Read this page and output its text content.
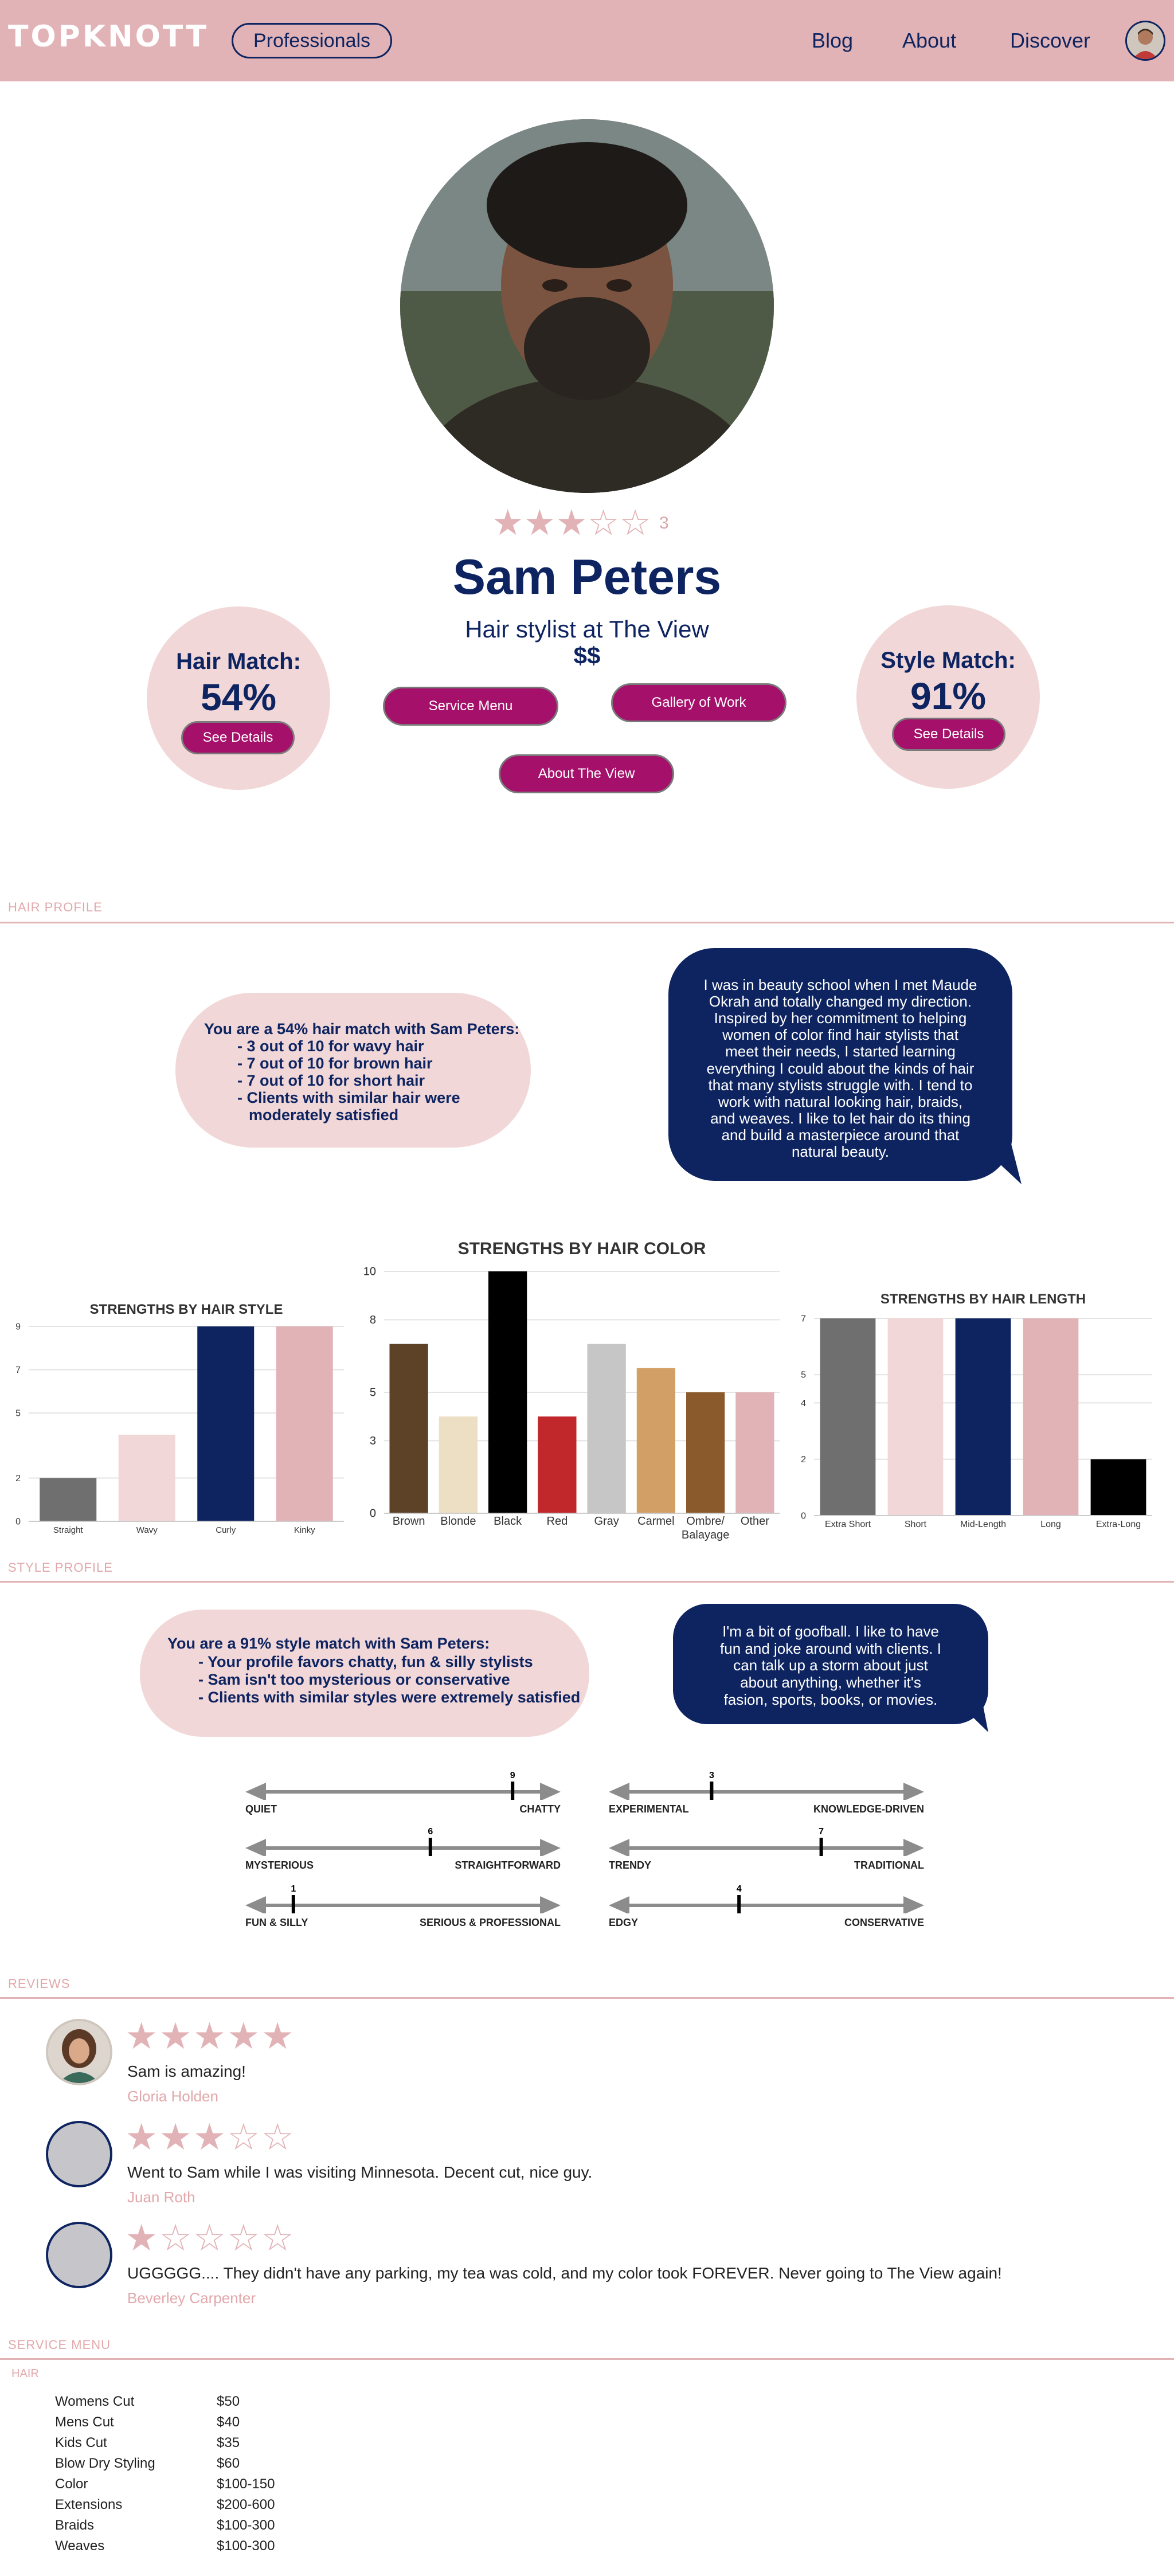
TOPKNOTT	Professionals	Blog About	Discover
★ ★ ★ ☆ ☆ 3
Sam Peters
Hair stylist at The View
$$
Hair Match:
54%
See Details
Style Match:
91%
See Details
Service Menu	Gallery of Work
About The View
HAIR PROFILE
You are a 54% hair match with Sam Peters:
- 3 out of 10 for wavy hair
- 7 out of 10 for brown hair
- 7 out of 10 for short hair
- Clients with similar hair were
moderately satisfied
I was in beauty school when I met Maude
Okrah and totally changed my direction.
Inspired by her commitment to helping
women of color find hair stylists that
meet their needs, I started learning
everything I could about the kinds of hair
that many stylists struggle with. I tend to
work with natural looking hair, braids,
and weaves. I like to let hair do its thing
and build a masterpiece around that
natural beauty.
STRENGTHS BY HAIR STYLE
0
2
5
7
9
Straight	Wavy	Curly	Kinky
STRENGTHS BY HAIR COLOR
0
3
5
8
10
Brown Blonde Black Red Gray Carmel Ombre/
Balayage
Other
STRENGTHS BY HAIR LENGTH
0
2
4
5
7
Extra Short	Short	Mid-Length	Long	Extra-Long
STYLE PROFILE
You are a 91% style match with Sam Peters:
- Your profile favors chatty, fun & silly stylists
- Sam isn't too mysterious or conservative
- Clients with similar styles were extremely satisfied
I'm a bit of goofball. I like to have
fun and joke around with clients. I
can talk up a storm about just
about anything, whether it's
fasion, sports, books, or movies.
9
QUIET	CHATTY
3
EXPERIMENTAL	KNOWLEDGE-DRIVEN
6
MYSTERIOUS	STRAIGHTFORWARD
7
TRENDY	TRADITIONAL
1
FUN & SILLY	SERIOUS & PROFESSIONAL
4
EDGY	CONSERVATIVE
REVIEWS
★ ★ ★ ★ ★
Sam is amazing!
Gloria Holden
★ ★ ★ ☆ ☆
Went to Sam while I was visiting Minnesota. Decent cut, nice guy.
Juan Roth
★ ☆ ☆ ☆ ☆
UGGGGG.... They didn't have any parking, my tea was cold, and my color took FOREVER. Never going to The View again!
Beverley Carpenter
SERVICE MENU
HAIR
Womens Cut	$50
Mens Cut	$40
Kids Cut	$35
Blow Dry Styling	$60
Color	$100-150
Extensions	$200-600
Braids	$100-300
Weaves	$100-300
